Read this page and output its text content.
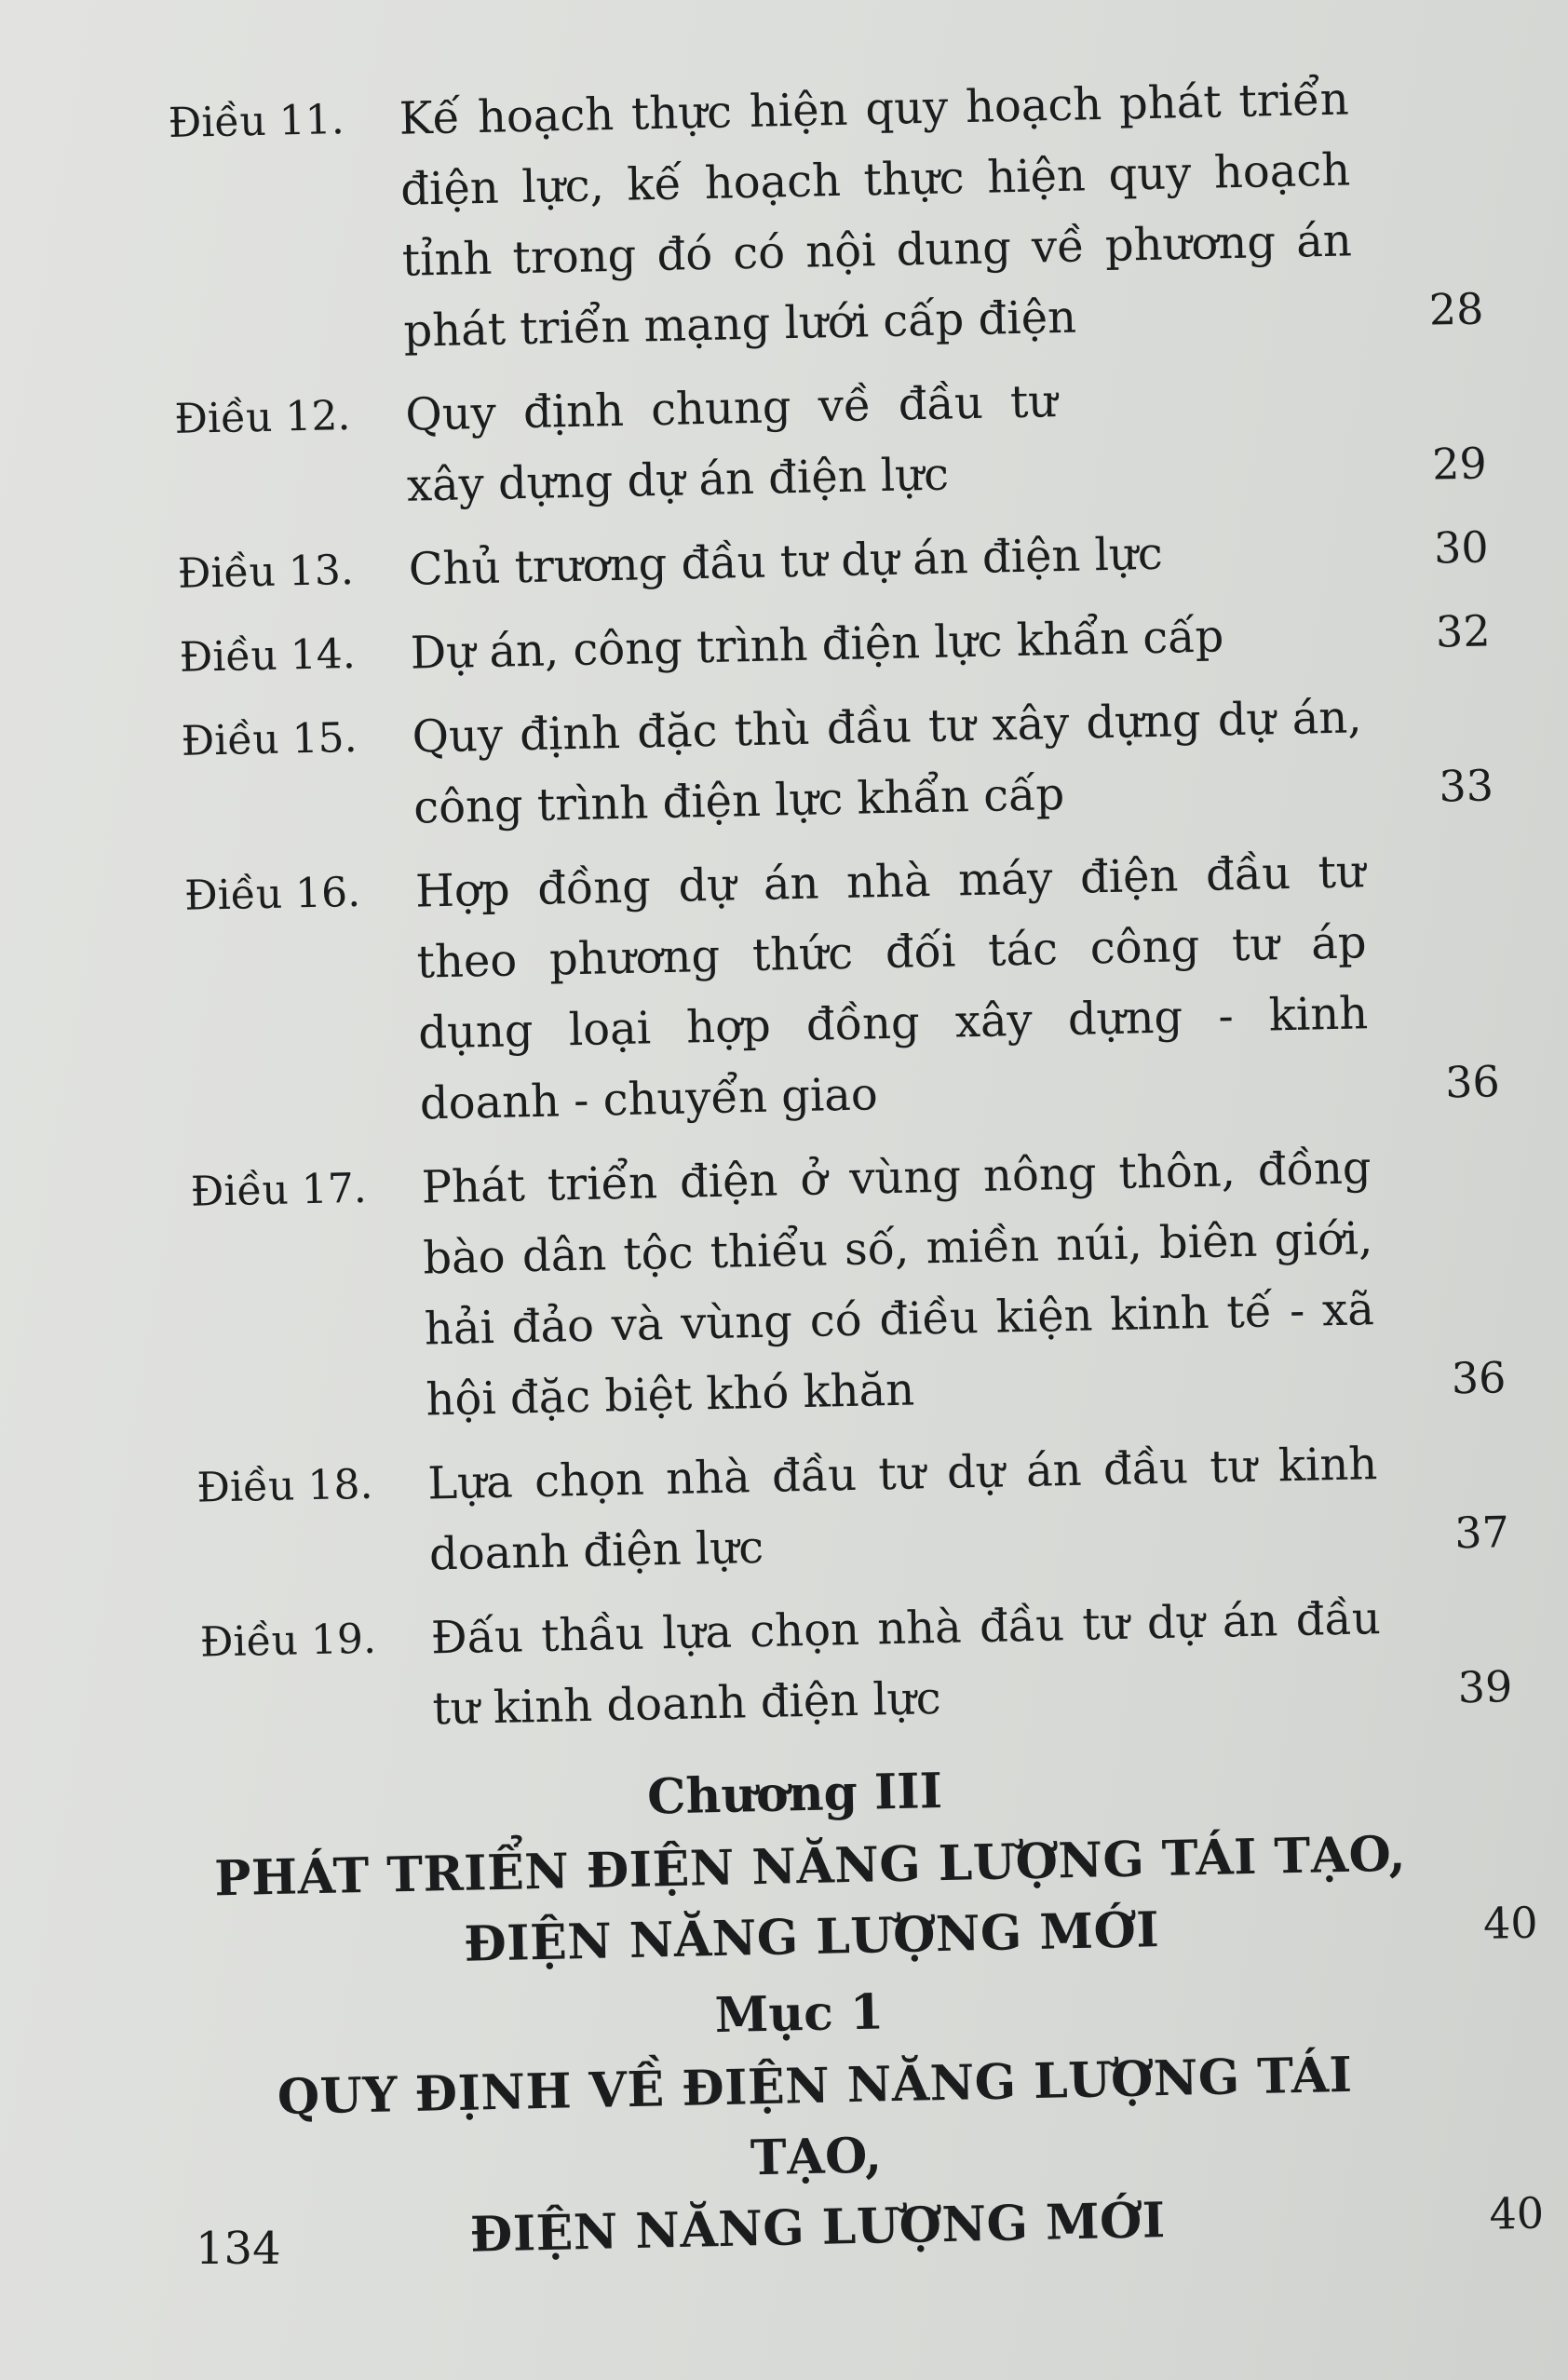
Điều 11.	Kế hoạch thực hiện quy hoạch phát triển điện lực, kế hoạch thực hiện quy hoạch tỉnh trong đó có nội dung về phương án phát triển mạng lưới cấp điện	28
Điều 12.	Quy định chung về đầu tư xây dựng dự án điện lực	29
Điều 13.	Chủ trương đầu tư dự án điện lực	30
Điều 14.	Dự án, công trình điện lực khẩn cấp	32
Điều 15.	Quy định đặc thù đầu tư xây dựng dự án, công trình điện lực khẩn cấp	33
Điều 16.	Hợp đồng dự án nhà máy điện đầu tư theo phương thức đối tác công tư áp dụng loại hợp đồng xây dựng - kinh doanh - chuyển giao	36
Điều 17.	Phát triển điện ở vùng nông thôn, đồng bào dân tộc thiểu số, miền núi, biên giới, hải đảo và vùng có điều kiện kinh tế - xã hội đặc biệt khó khăn	36
Điều 18.	Lựa chọn nhà đầu tư dự án đầu tư kinh doanh điện lực	37
Điều 19.	Đấu thầu lựa chọn nhà đầu tư dự án đầu tư kinh doanh điện lực	39
Chương III
PHÁT TRIỂN ĐIỆN NĂNG LƯỢNG TÁI TẠO,
ĐIỆN NĂNG LƯỢNG MỚI	40
Mục 1
QUY ĐỊNH VỀ ĐIỆN NĂNG LƯỢNG TÁI TẠO,
ĐIỆN NĂNG LƯỢNG MỚI	40
134
